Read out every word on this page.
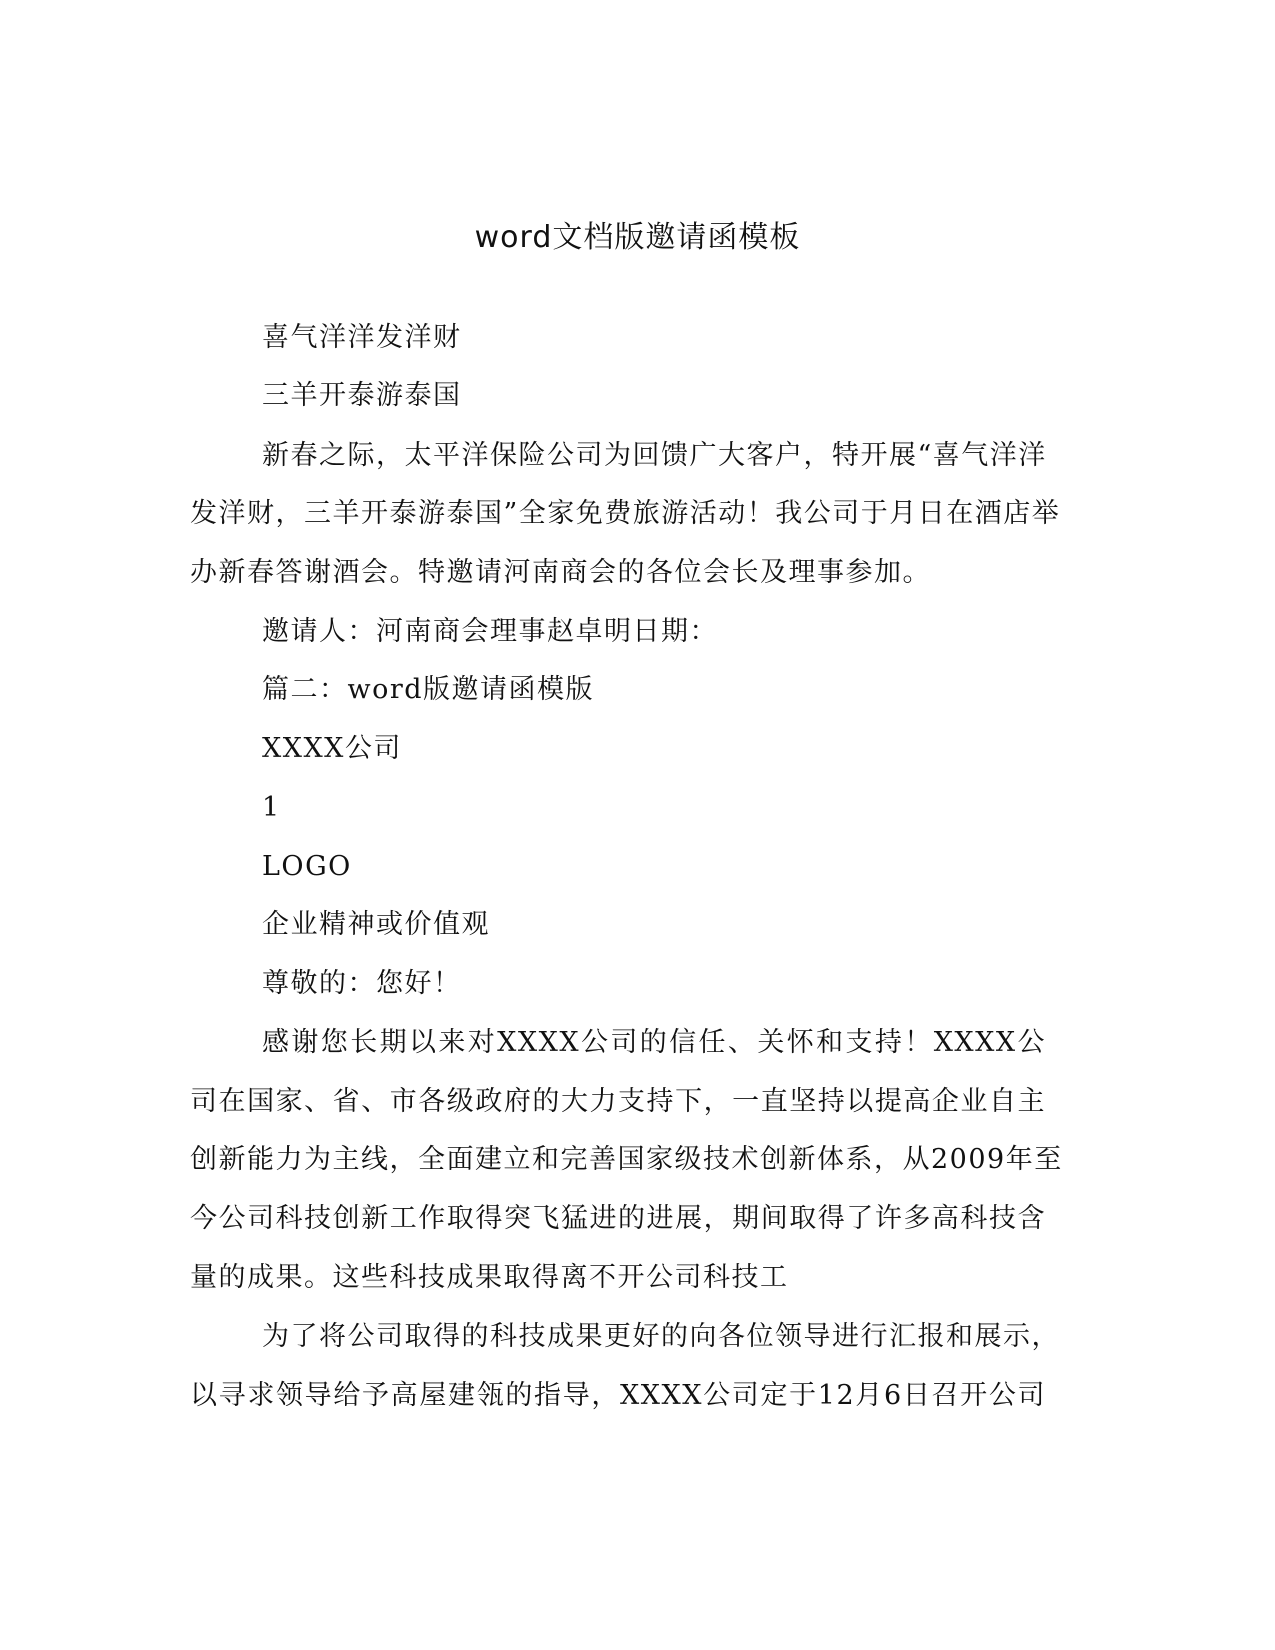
word文档版邀请函模板
喜气洋洋发洋财
三羊开泰游泰国
新春之际，太平洋保险公司为回馈广大客户，特开展“喜气洋洋
发洋财，三羊开泰游泰国”全家免费旅游活动！我公司于月日在酒店举
办新春答谢酒会。特邀请河南商会的各位会长及理事参加。
邀请人：河南商会理事赵卓明日期：
篇二：word版邀请函模版
XXXX公司
1
LOGO
企业精神或价值观
尊敬的：您好！
感谢您长期以来对XXXX公司的信任、关怀和支持！XXXX公
司在国家、省、市各级政府的大力支持下，一直坚持以提高企业自主
创新能力为主线，全面建立和完善国家级技术创新体系，从2009年至
今公司科技创新工作取得突飞猛进的进展，期间取得了许多高科技含
量的成果。这些科技成果取得离不开公司科技工
为了将公司取得的科技成果更好的向各位领导进行汇报和展示，
以寻求领导给予高屋建瓴的指导，XXXX公司定于12月6日召开公司
